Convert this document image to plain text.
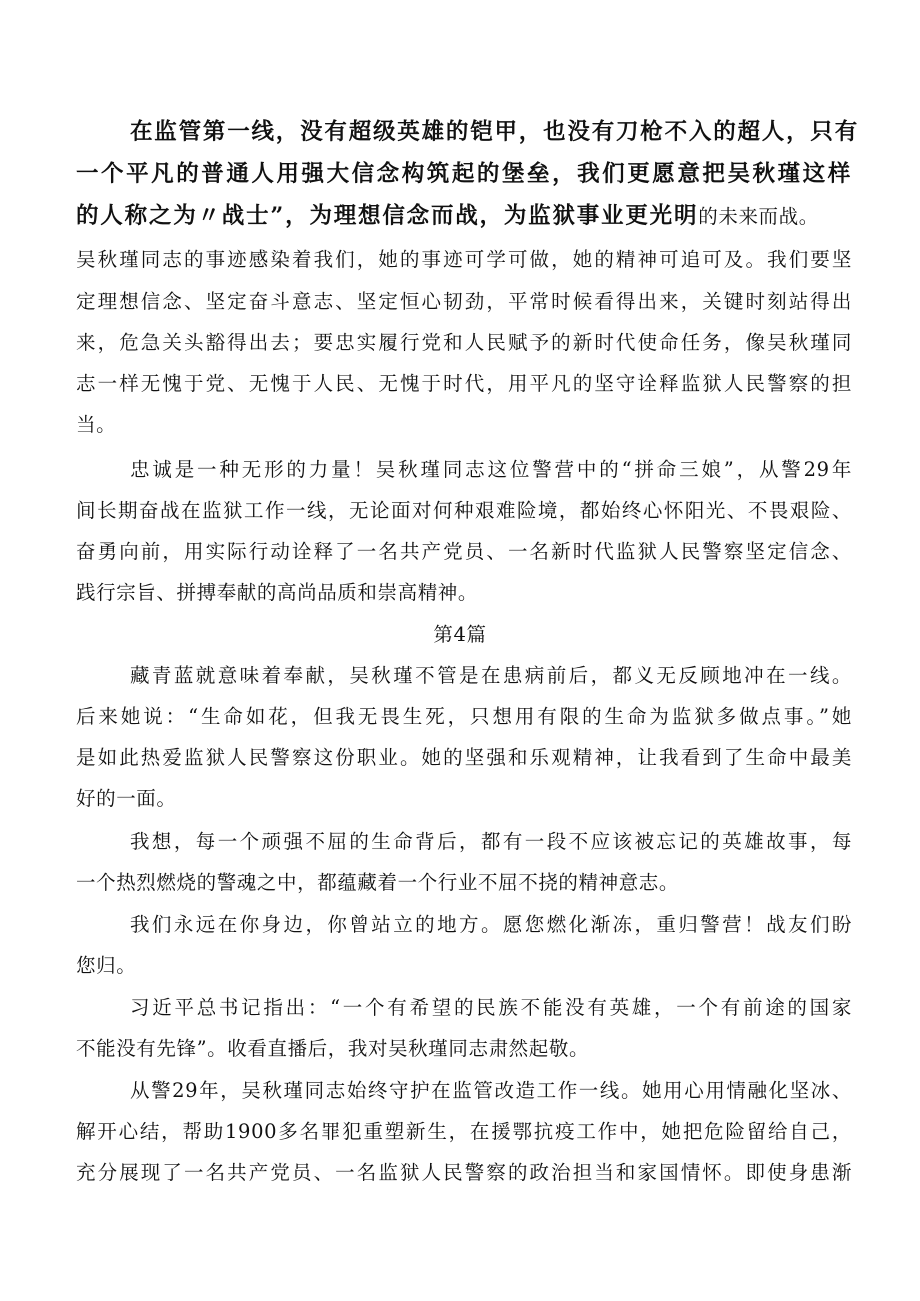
在监管第一线，没有超级英雄的铠甲，也没有刀枪不入的超人，只有
一个平凡的普通人用强大信念构筑起的堡垒，我们更愿意把吴秋瑾这样
的人称之为〃战士”，为理想信念而战，为监狱事业更光明的未来而战。
吴秋瑾同志的事迹感染着我们，她的事迹可学可做，她的精神可追可及。我们要坚
定理想信念、坚定奋斗意志、坚定恒心韧劲，平常时候看得出来，关键时刻站得出
来，危急关头豁得出去；要忠实履行党和人民赋予的新时代使命任务，像吴秋瑾同
志一样无愧于党、无愧于人民、无愧于时代，用平凡的坚守诠释监狱人民警察的担
当。
忠诚是一种无形的力量！吴秋瑾同志这位警营中的“拼命三娘”，从警29年
间长期奋战在监狱工作一线，无论面对何种艰难险境，都始终心怀阳光、不畏艰险、
奋勇向前，用实际行动诠释了一名共产党员、一名新时代监狱人民警察坚定信念、
践行宗旨、拼搏奉献的高尚品质和崇高精神。
第4篇
藏青蓝就意味着奉献，吴秋瑾不管是在患病前后，都义无反顾地冲在一线。
后来她说：“生命如花，但我无畏生死，只想用有限的生命为监狱多做点事。”她
是如此热爱监狱人民警察这份职业。她的坚强和乐观精神，让我看到了生命中最美
好的一面。
我想，每一个顽强不屈的生命背后，都有一段不应该被忘记的英雄故事，每
一个热烈燃烧的警魂之中，都蕴藏着一个行业不屈不挠的精神意志。
我们永远在你身边，你曾站立的地方。愿您燃化渐冻，重归警营！战友们盼
您归。
习近平总书记指出：“一个有希望的民族不能没有英雄，一个有前途的国家
不能没有先锋”。收看直播后，我对吴秋瑾同志肃然起敬。
从警29年，吴秋瑾同志始终守护在监管改造工作一线。她用心用情融化坚冰、
解开心结，帮助1900多名罪犯重塑新生，在援鄂抗疫工作中，她把危险留给自己，
充分展现了一名共产党员、一名监狱人民警察的政治担当和家国情怀。即使身患渐
